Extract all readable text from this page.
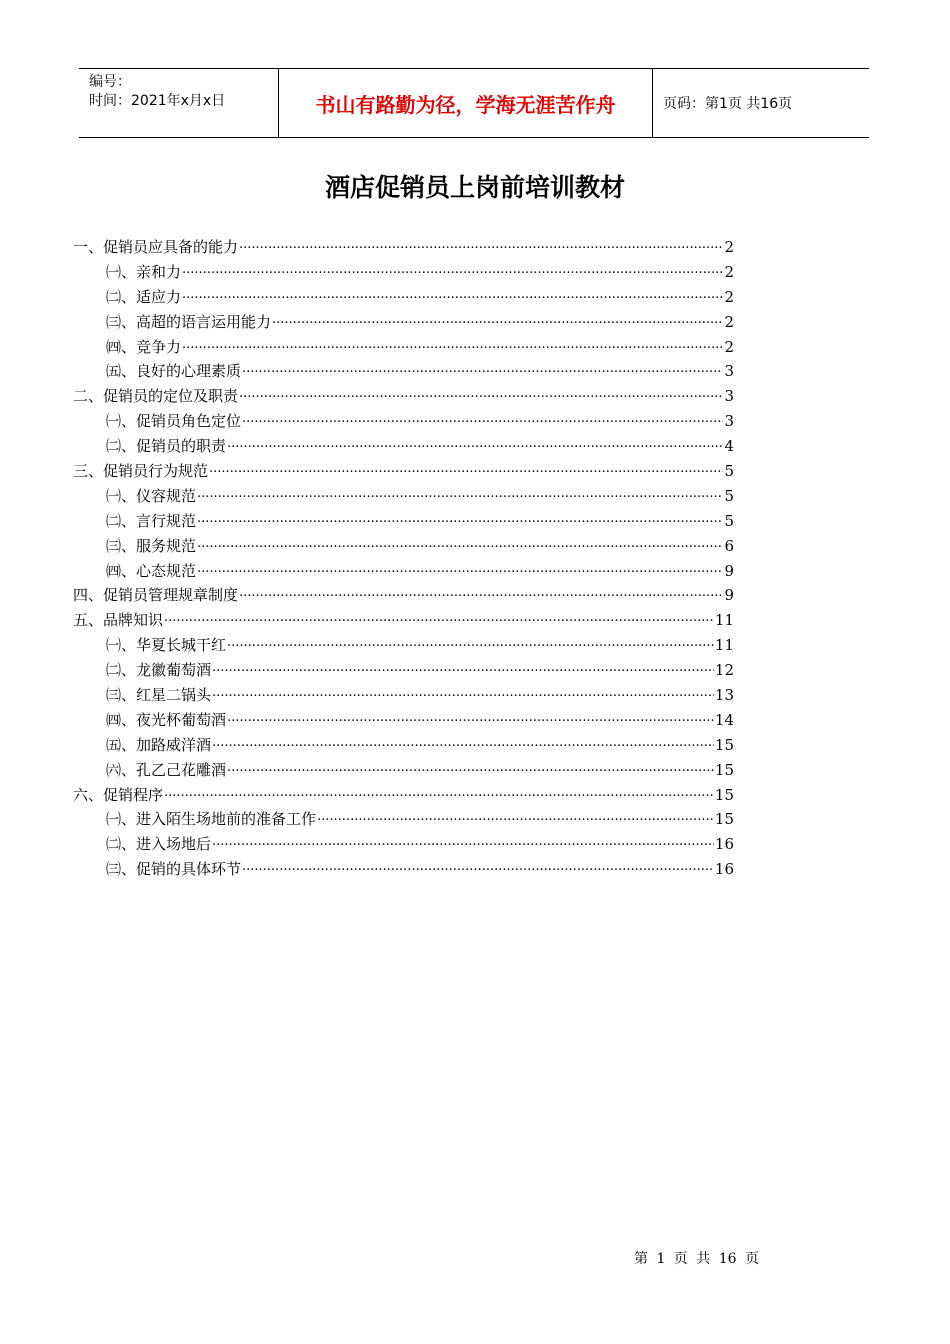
编号：
时间：2021年x月x日	书山有路勤为径，学海无涯苦作舟	页码：第1页 共16页
酒店促销员上岗前培训教材
一、促销员应具备的能力 .....	2
㈠、亲和力 .....	2
㈡、适应力 .....	2
㈢、高超的语言运用能力 .....	2
㈣、竞争力 .....	2
㈤、良好的心理素质 .....	3
二、促销员的定位及职责 .....	3
㈠、促销员角色定位 .....	3
㈡、促销员的职责 .....	4
三、促销员行为规范 .....	5
㈠、仪容规范 .....	5
㈡、言行规范 .....	5
㈢、服务规范 .....	6
㈣、心态规范 .....	9
四、促销员管理规章制度 .....	9
五、品牌知识 .....	11
㈠、华夏长城干红 .....	11
㈡、龙徽葡萄酒 .....	12
㈢、红星二锅头 .....	13
㈣、夜光杯葡萄酒 .....	14
㈤、加路威洋酒 .....	15
㈥、孔乙己花雕酒 .....	15
六、促销程序 .....	15
㈠、进入陌生场地前的准备工作 .....	15
㈡、进入场地后 .....	16
㈢、促销的具体环节 .....	16
第 1 页 共 16 页
